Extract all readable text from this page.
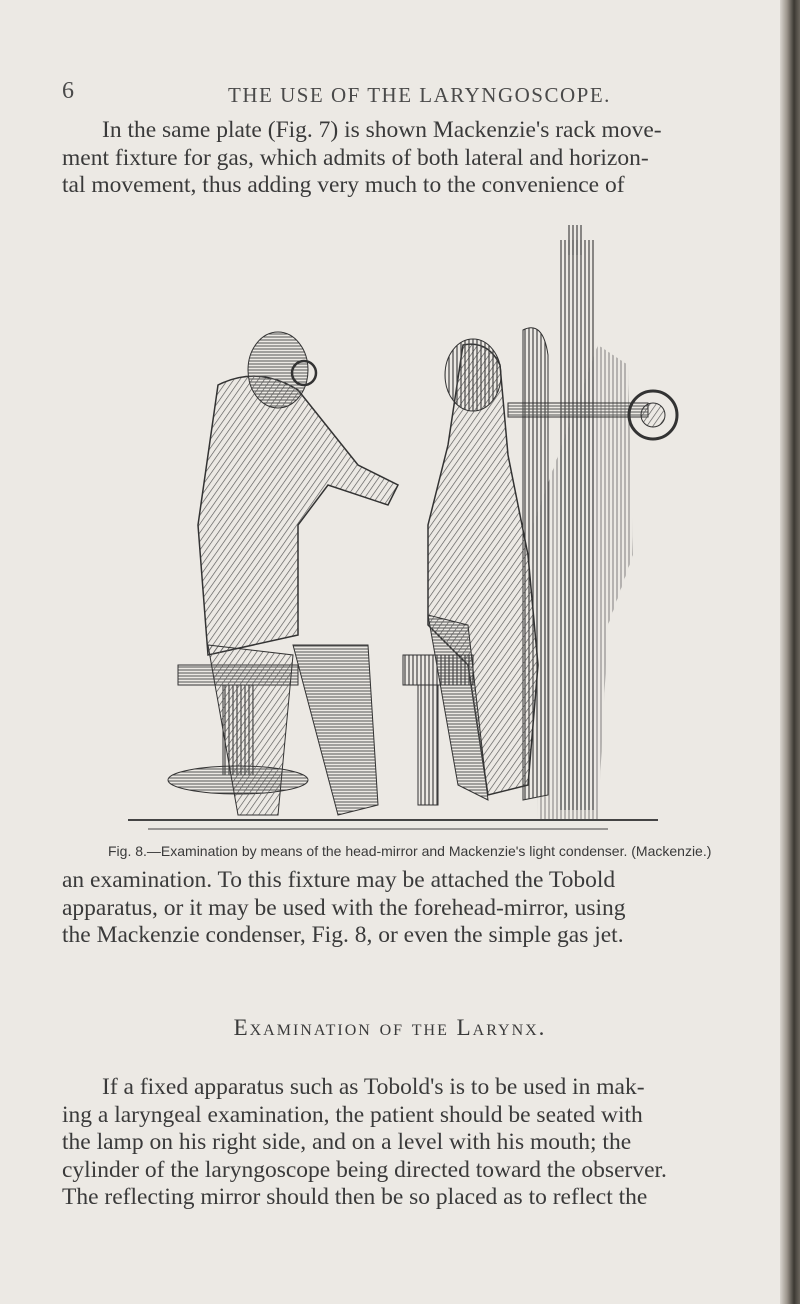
6	THE USE OF THE LARYNGOSCOPE.

In the same plate (Fig. 7) is shown Mackenzie's rack move-
ment fixture for gas, which admits of both lateral and horizon-
tal movement, thus adding very much to the convenience of

Fig. 8.—Examination by means of the head-mirror and Mackenzie's light condenser. (Mackenzie.)

an examination. To this fixture may be attached the Tobold
apparatus, or it may be used with the forehead-mirror, using
the Mackenzie condenser, Fig. 8, or even the simple gas jet.

Examination of the Larynx.

If a fixed apparatus such as Tobold's is to be used in mak-
ing a laryngeal examination, the patient should be seated with
the lamp on his right side, and on a level with his mouth; the
cylinder of the laryngoscope being directed toward the observer.
The reflecting mirror should then be so placed as to reflect the
